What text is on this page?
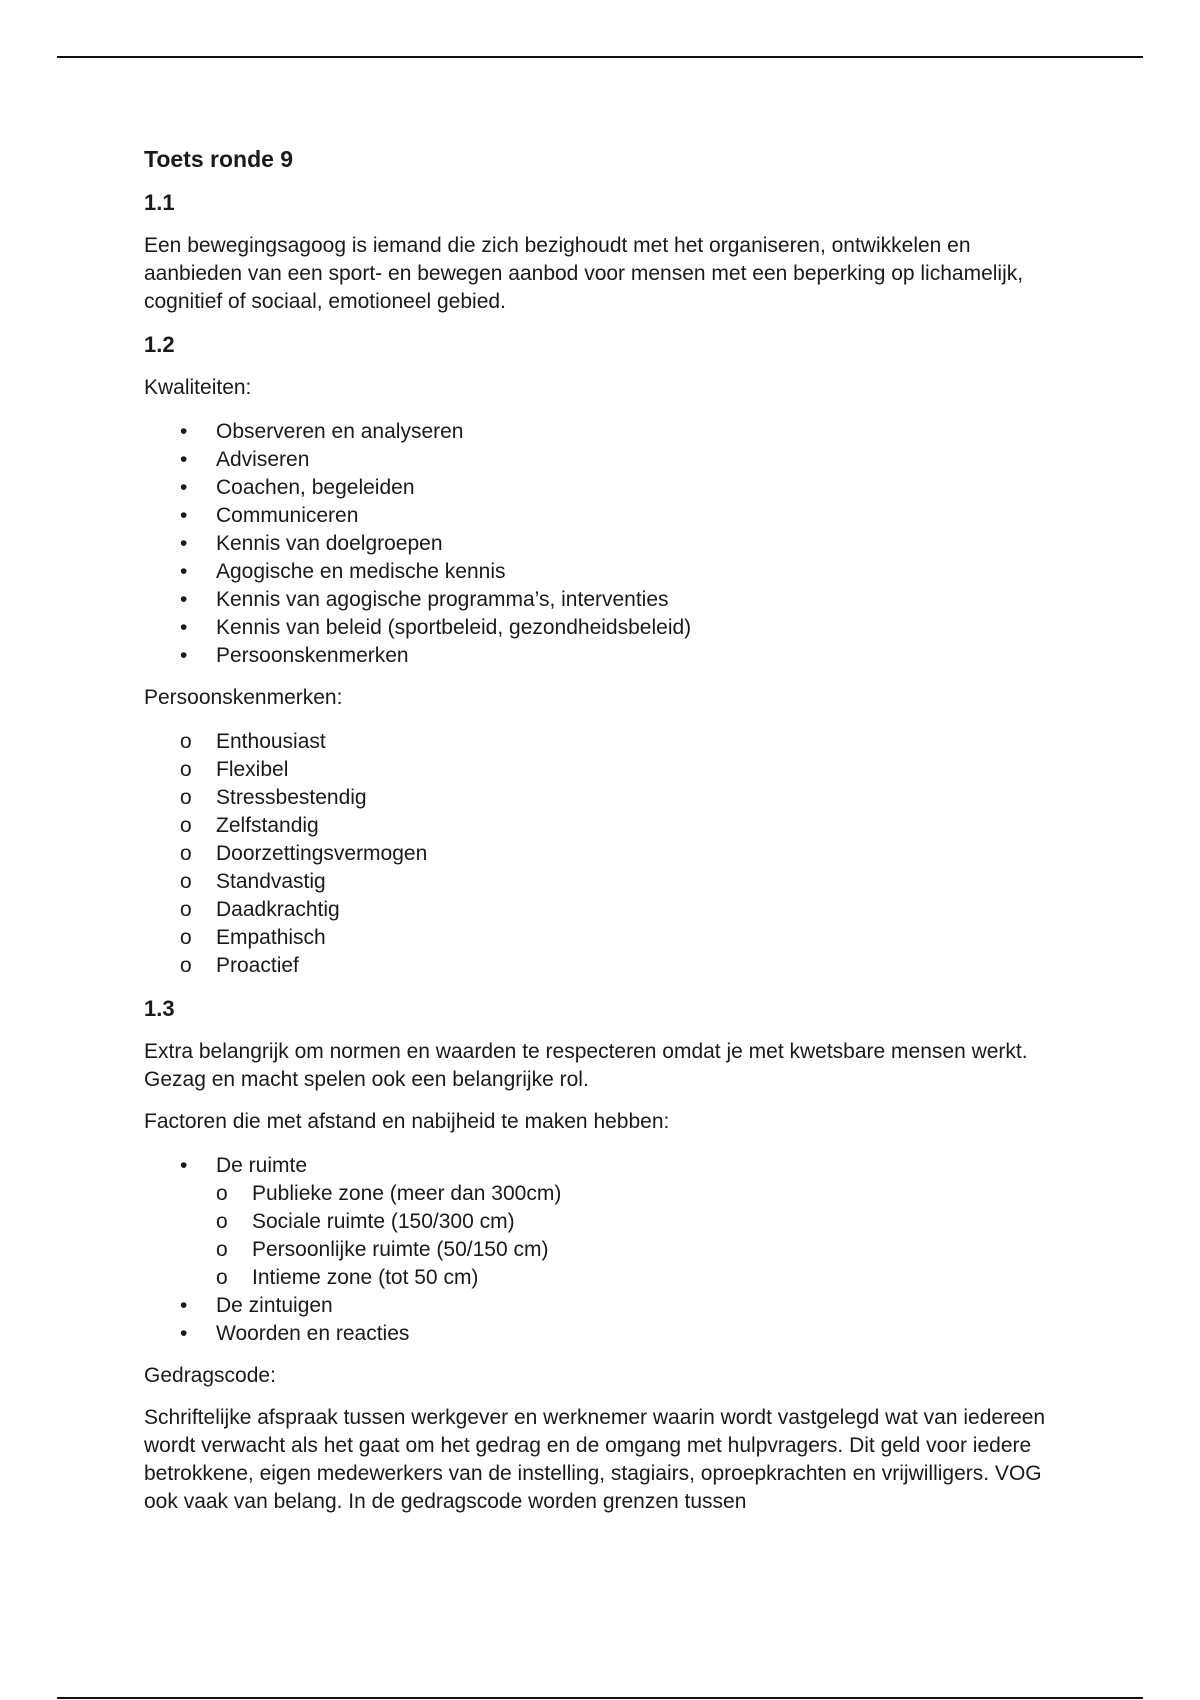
Toets ronde 9
1.1

Een bewegingsagoog is iemand die zich bezighoudt met het organiseren, ontwikkelen en aanbieden van een sport- en bewegen aanbod voor mensen met een beperking op lichamelijk, cognitief of sociaal, emotioneel gebied.

1.2

Kwaliteiten:

•	Observeren en analyseren
•	Adviseren
•	Coachen, begeleiden
•	Communiceren
•	Kennis van doelgroepen
•	Agogische en medische kennis
•	Kennis van agogische programma’s, interventies
•	Kennis van beleid (sportbeleid, gezondheidsbeleid)
•	Persoonskenmerken

Persoonskenmerken:

o	Enthousiast
o	Flexibel
o	Stressbestendig
o	Zelfstandig
o	Doorzettingsvermogen
o	Standvastig
o	Daadkrachtig
o	Empathisch
o	Proactief
1.3

Extra belangrijk om normen en waarden te respecteren omdat je met kwetsbare mensen werkt. Gezag en macht spelen ook een belangrijke rol.

Factoren die met afstand en nabijheid te maken hebben:

•	De ruimte
o	Publieke zone (meer dan 300cm)
o	Sociale ruimte (150/300 cm)
o	Persoonlijke ruimte (50/150 cm)
o	Intieme zone (tot 50 cm)
•	De zintuigen
•	Woorden en reacties

Gedragscode:

Schriftelijke afspraak tussen werkgever en werknemer waarin wordt vastgelegd wat van iedereen wordt verwacht als het gaat om het gedrag en de omgang met hulpvragers. Dit geld voor iedere betrokkene, eigen medewerkers van de instelling, stagiairs, oproepkrachten en vrijwilligers. VOG ook vaak van belang. In de gedragscode worden grenzen tussen
